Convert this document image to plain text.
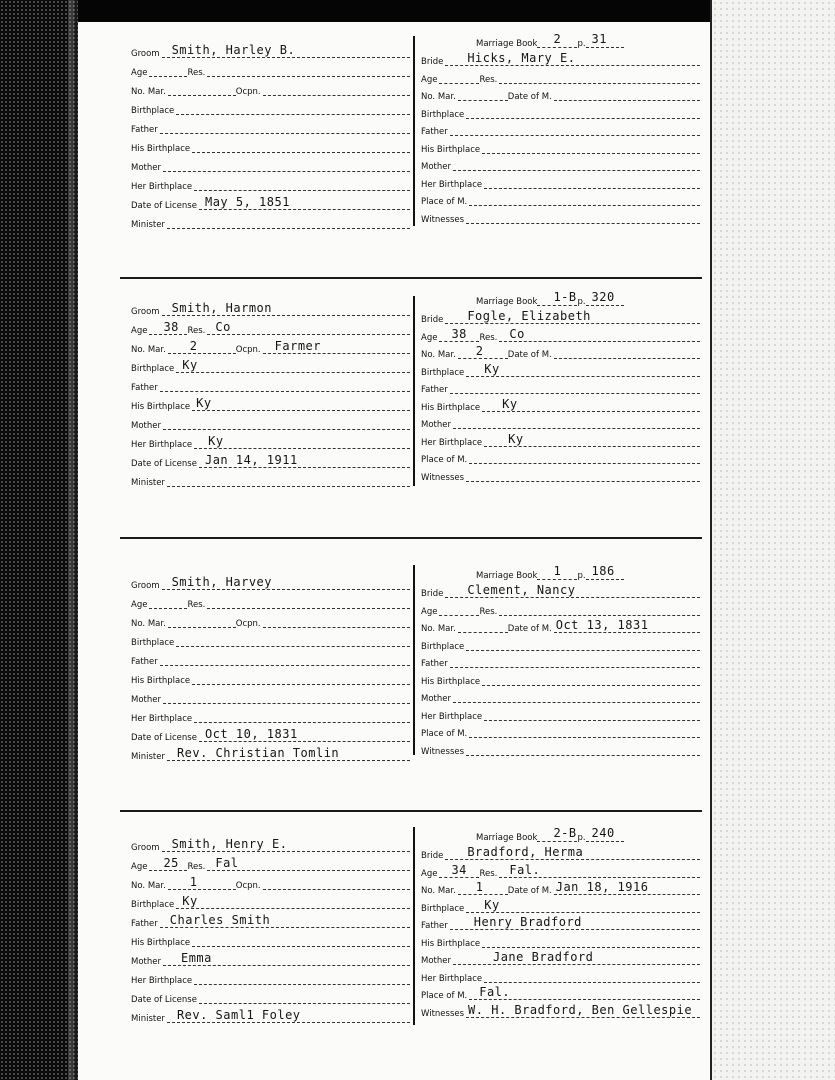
Groom Smith, Harley B.
Age	Res.
No. Mar.	Ocpn.
Birthplace
Father
His Birthplace
Mother
Her Birthplace
Date of License May 5, 1851
Minister
Marriage Book 2 p. 31
Bride Hicks, Mary E.
Age	Res.
No. Mar.	Date of M.
Birthplace
Father
His Birthplace
Mother
Her Birthplace
Place of M.
Witnesses
Groom Smith, Harmon
Age 38 Res. Co
No. Mar. 2	Ocpn. Farmer
Birthplace Ky
Father
His Birthplace Ky
Mother
Her Birthplace Ky
Date of License Jan 14, 1911
Minister
Marriage Book 1-B p. 320
Bride Fogle, Elizabeth
Age 38 Res. Co
No. Mar. 2	Date of M.
Birthplace Ky
Father
His Birthplace Ky
Mother
Her Birthplace Ky
Place of M.
Witnesses
Groom Smith, Harvey
Age	Res.
No. Mar.	Ocpn.
Birthplace
Father
His Birthplace
Mother
Her Birthplace
Date of License Oct 10, 1831
Minister Rev. Christian Tomlin
Marriage Book 1 p. 186
Bride Clement, Nancy
Age	Res.
No. Mar.	Date of M. Oct 13, 1831
Birthplace
Father
His Birthplace
Mother
Her Birthplace
Place of M.
Witnesses
Groom Smith, Henry E.
Age 25 Res. Fal
No. Mar. 1	Ocpn.
Birthplace Ky
Father Charles Smith
His Birthplace
Mother Emma
Her Birthplace
Date of License
Minister Rev. Saml1 Foley
Marriage Book 2-B p. 240
Bride Bradford, Herma
Age 34 Res. Fal.
No. Mar. 1	Date of M. Jan 18, 1916
Birthplace Ky
Father Henry Bradford
His Birthplace
Mother	Jane Bradford
Her Birthplace
Place of M. Fal.
Witnesses W. H. Bradford, Ben Gellespie
